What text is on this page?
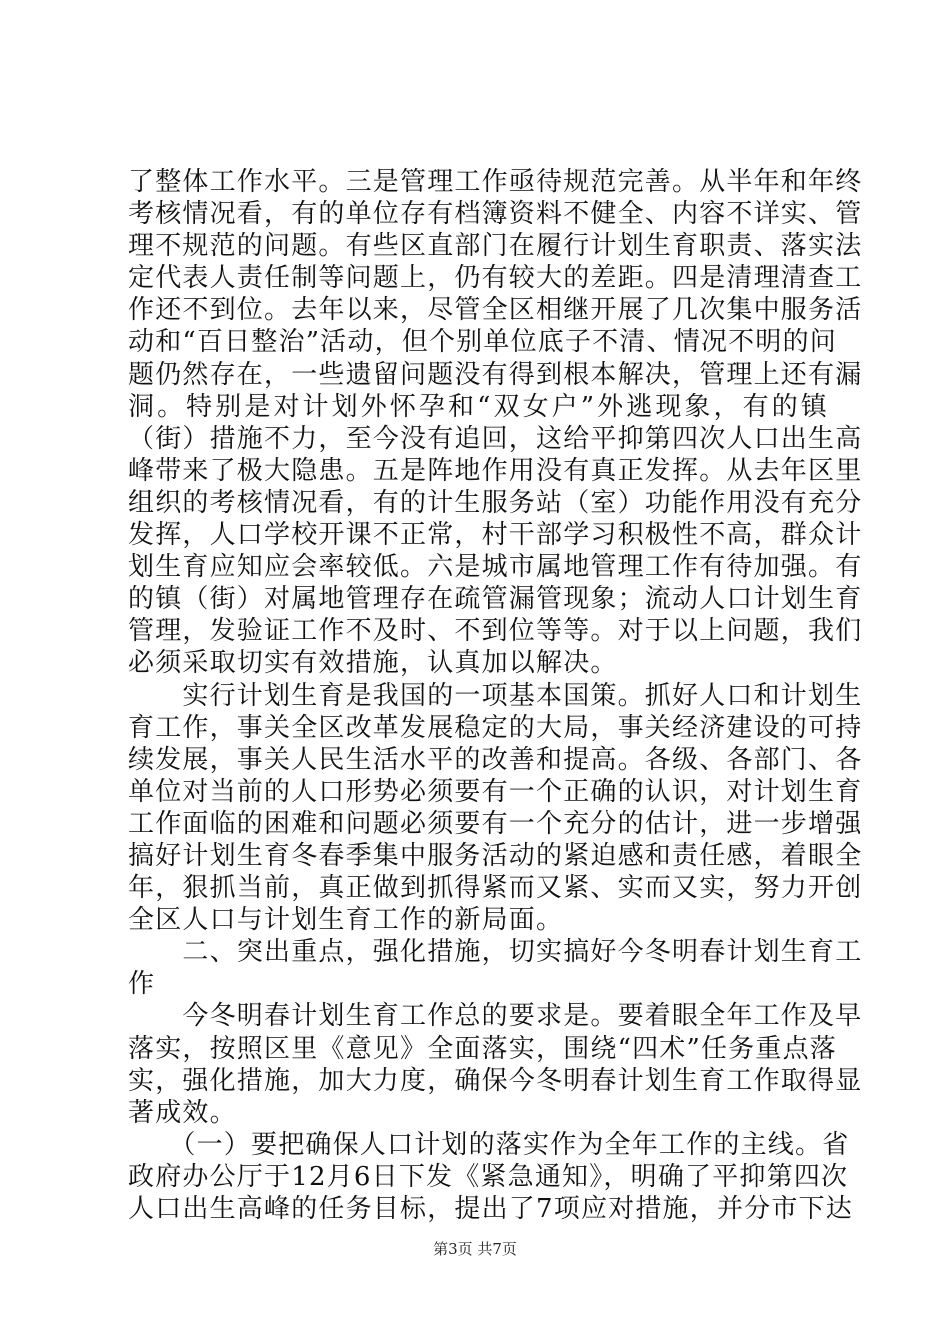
了整体工作水平。三是管理工作亟待规范完善。从半年和年终
考核情况看，有的单位存有档簿资料不健全、内容不详实、管
理不规范的问题。有些区直部门在履行计划生育职责、落实法
定代表人责任制等问题上，仍有较大的差距。四是清理清查工
作还不到位。去年以来，尽管全区相继开展了几次集中服务活
动和“百日整治”活动，但个别单位底子不清、情况不明的问
题仍然存在，一些遗留问题没有得到根本解决，管理上还有漏
洞。特别是对计划外怀孕和“双女户”外逃现象，有的镇
（街）措施不力，至今没有追回，这给平抑第四次人口出生高
峰带来了极大隐患。五是阵地作用没有真正发挥。从去年区里
组织的考核情况看，有的计生服务站（室）功能作用没有充分
发挥，人口学校开课不正常，村干部学习积极性不高，群众计
划生育应知应会率较低。六是城市属地管理工作有待加强。有
的镇（街）对属地管理存在疏管漏管现象；流动人口计划生育
管理，发验证工作不及时、不到位等等。对于以上问题，我们
必须采取切实有效措施，认真加以解决。
　　实行计划生育是我国的一项基本国策。抓好人口和计划生
育工作，事关全区改革发展稳定的大局，事关经济建设的可持
续发展，事关人民生活水平的改善和提高。各级、各部门、各
单位对当前的人口形势必须要有一个正确的认识，对计划生育
工作面临的困难和问题必须要有一个充分的估计，进一步增强
搞好计划生育冬春季集中服务活动的紧迫感和责任感，着眼全
年，狠抓当前，真正做到抓得紧而又紧、实而又实，努力开创
全区人口与计划生育工作的新局面。
　　二、突出重点，强化措施，切实搞好今冬明春计划生育工
作
　　今冬明春计划生育工作总的要求是。要着眼全年工作及早
落实，按照区里《意见》全面落实，围绕“四术”任务重点落
实，强化措施，加大力度，确保今冬明春计划生育工作取得显
著成效。
　　（一）要把确保人口计划的落实作为全年工作的主线。省
政府办公厅于12月6日下发《紧急通知》，明确了平抑第四次
人口出生高峰的任务目标，提出了7项应对措施，并分市下达
第3页 共7页
